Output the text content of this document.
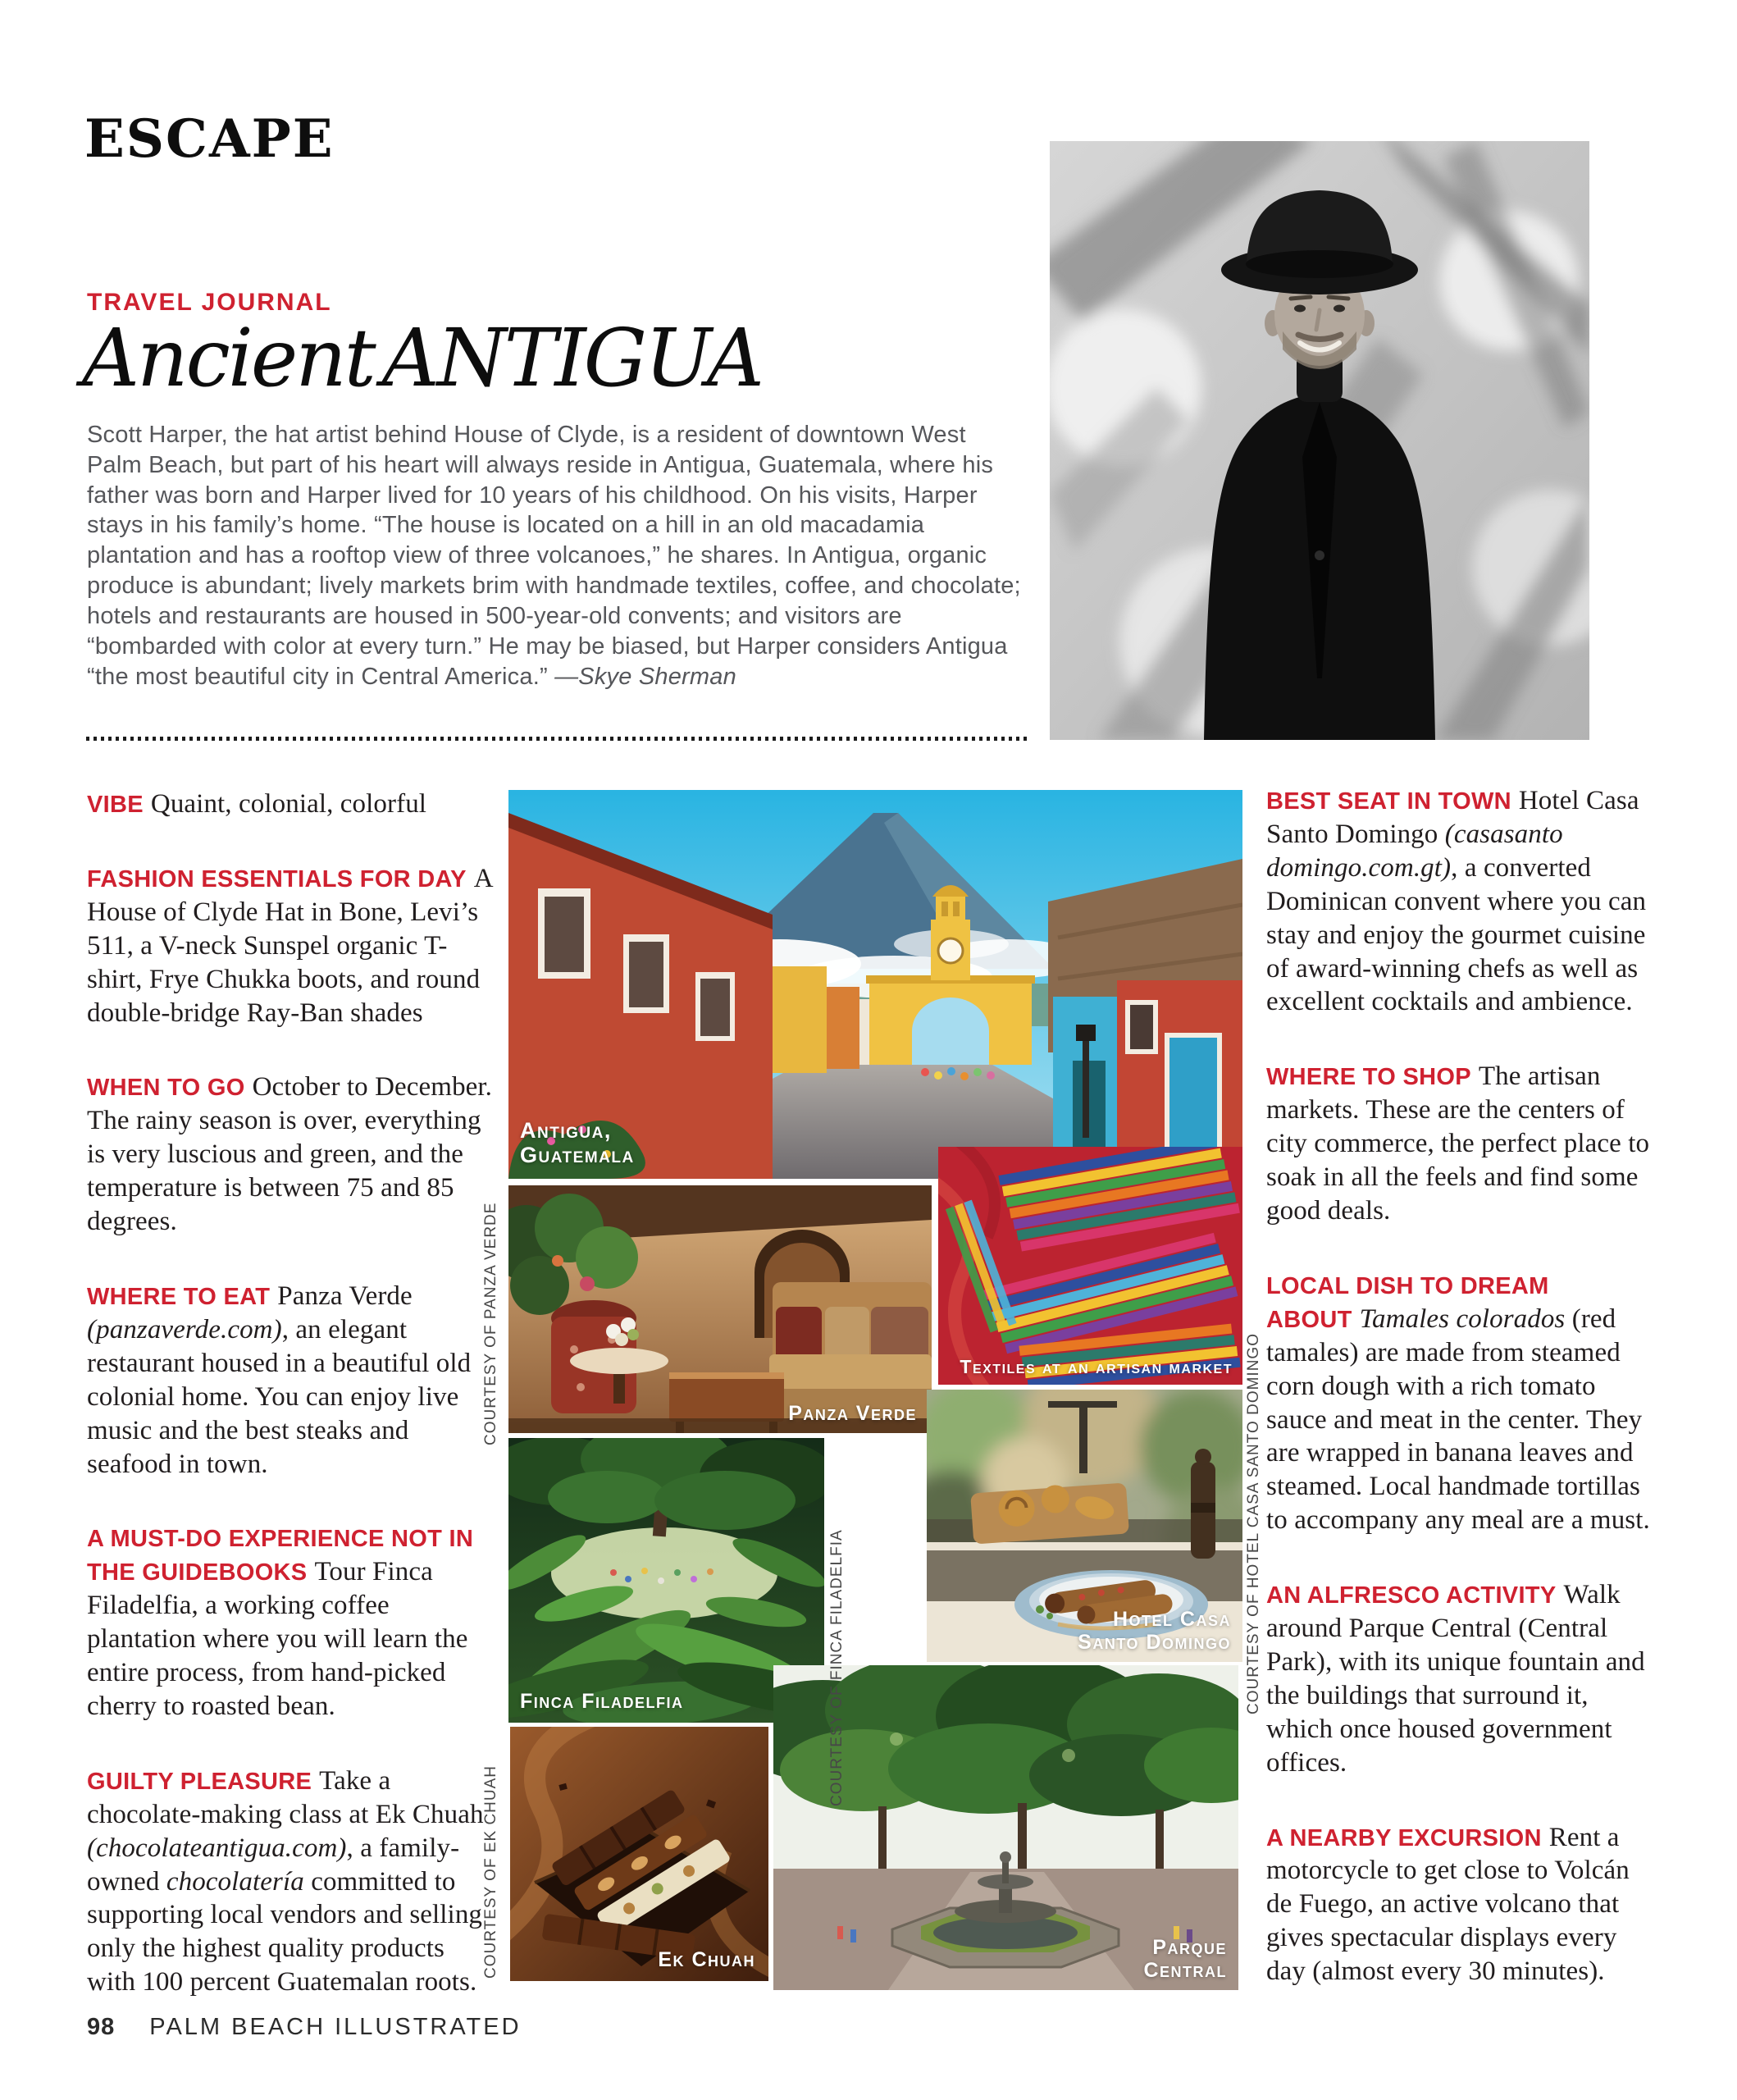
ESCAPE
TRAVEL JOURNAL
Ancient ANTIGUA
Scott Harper, the hat artist behind House of Clyde, is a resident of downtown West Palm Beach, but part of his heart will always reside in Antigua, Guatemala, where his father was born and Harper lived for 10 years of his childhood. On his visits, Harper stays in his family’s home. “The house is located on a hill in an old macadamia plantation and has a rooftop view of three volcanoes,” he shares. In Antigua, organic produce is abundant; lively markets brim with handmade textiles, coffee, and chocolate; hotels and restaurants are housed in 500-year-old convents; and visitors are “bombarded with color at every turn.” He may be biased, but Harper considers Antigua “the most beautiful city in Central America.” —Skye Sherman
Antigua,
Guatemala
Textiles at an artisan market
Panza Verde
Hotel Casa
Santo Domingo
Finca Filadelfia
Parque
Central
Ek Chuah

VIBE Quaint, colonial, colorful

FASHION ESSENTIALS FOR DAY A House of Clyde Hat in Bone, Levi’s 511, a V-neck Sunspel organic T-shirt, Frye Chukka boots, and round double-bridge Ray-Ban shades

WHEN TO GO October to December. The rainy season is over, everything is very luscious and green, and the temperature is between 75 and 85 degrees.

WHERE TO EAT Panza Verde (panzaverde.com), an elegant restaurant housed in a beautiful old colonial home. You can enjoy live music and the best steaks and seafood in town.

A MUST-DO EXPERIENCE NOT IN THE GUIDEBOOKS Tour Finca Filadelfia, a working coffee plantation where you will learn the entire process, from hand-picked cherry to roasted bean.

GUILTY PLEASURE Take a chocolate-making class at Ek Chuah (chocolateantigua.com), a family-owned chocolatería committed to supporting local vendors and selling only the highest quality products with 100 percent Guatemalan roots.

BEST SEAT IN TOWN Hotel Casa Santo Domingo (casasanto domingo.com.gt), a converted Dominican convent where you can stay and enjoy the gourmet cuisine of award-winning chefs as well as excellent cocktails and ambience.

WHERE TO SHOP The artisan markets. These are the centers of city commerce, the perfect place to soak in all the feels and find some good deals.

LOCAL DISH TO DREAM ABOUT Tamales colorados (red tamales) are made from steamed corn dough with a rich tomato sauce and meat in the center. They are wrapped in banana leaves and steamed. Local handmade tortillas to accompany any meal are a must.

AN ALFRESCO ACTIVITY Walk around Parque Central (Central Park), with its unique fountain and the buildings that surround it, which once housed government offices.

A NEARBY EXCURSION Rent a motorcycle to get close to Volcán de Fuego, an active volcano that gives spectacular displays every day (almost every 30 minutes).

COURTESY OF PANZA VERDE
COURTESY OF FINCA FILADELFIA	COURTESY OF HOTEL CASA SANTO DOMINGO
COURTESY OF EK CHUAH
98 PALM BEACH ILLUSTRATED
